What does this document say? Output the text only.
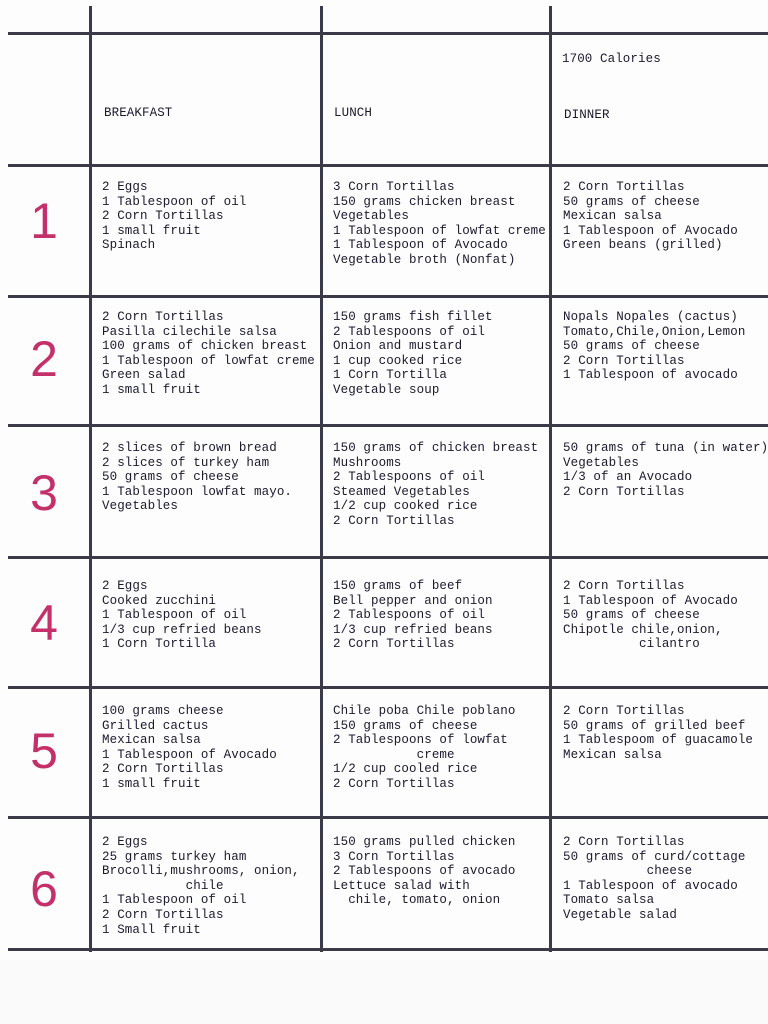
1700 Calories
BREAKFAST	LUNCH	DINNER
1
2 Eggs
1 Tablespoon of oil
2 Corn Tortillas
1 small fruit
Spinach
3 Corn Tortillas
150 grams chicken breast
Vegetables
1 Tablespoon of lowfat creme
1 Tablespoon of Avocado
Vegetable broth (Nonfat)
2 Corn Tortillas
50 grams of cheese
Mexican salsa
1 Tablespoon of Avocado
Green beans (grilled)
2
2 Corn Tortillas
Pasilla cilechile salsa
100 grams of chicken breast
1 Tablespoon of lowfat creme
Green salad
1 small fruit
150 grams fish fillet
2 Tablespoons of oil
Onion and mustard
1 cup cooked rice
1 Corn Tortilla
Vegetable soup
Nopals Nopales (cactus)
Tomato,Chile,Onion,Lemon
50 grams of cheese
2 Corn Tortillas
1 Tablespoon of avocado
3
2 slices of brown bread
2 slices of turkey ham
50 grams of cheese
1 Tablespoon lowfat mayo.
Vegetables
150 grams of chicken breast
Mushrooms
2 Tablespoons of oil
Steamed Vegetables
1/2 cup cooked rice
2 Corn Tortillas
50 grams of tuna (in water)
Vegetables
1/3 of an Avocado
2 Corn Tortillas
4
2 Eggs
Cooked zucchini
1 Tablespoon of oil
1/3 cup refried beans
1 Corn Tortilla
150 grams of beef
Bell pepper and onion
2 Tablespoons of oil
1/3 cup refried beans
2 Corn Tortillas
2 Corn Tortillas
1 Tablespoon of Avocado
50 grams of cheese
Chipotle chile,onion,
cilantro
5
100 grams cheese
Grilled cactus
Mexican salsa
1 Tablespoon of Avocado
2 Corn Tortillas
1 small fruit
Chile poba Chile poblano
150 grams of cheese
2 Tablespoons of lowfat
creme
1/2 cup cooled rice
2 Corn Tortillas
2 Corn Tortillas
50 grams of grilled beef
1 Tablespoom of guacamole
Mexican salsa
6
2 Eggs
25 grams turkey ham
Brocolli,mushrooms, onion,
chile
1 Tablespoon of oil
2 Corn Tortillas
1 Small fruit
150 grams pulled chicken
3 Corn Tortillas
2 Tablespoons of avocado
Lettuce salad with
chile, tomato, onion
2 Corn Tortillas
50 grams of curd/cottage
cheese
1 Tablespoon of avocado
Tomato salsa
Vegetable salad
